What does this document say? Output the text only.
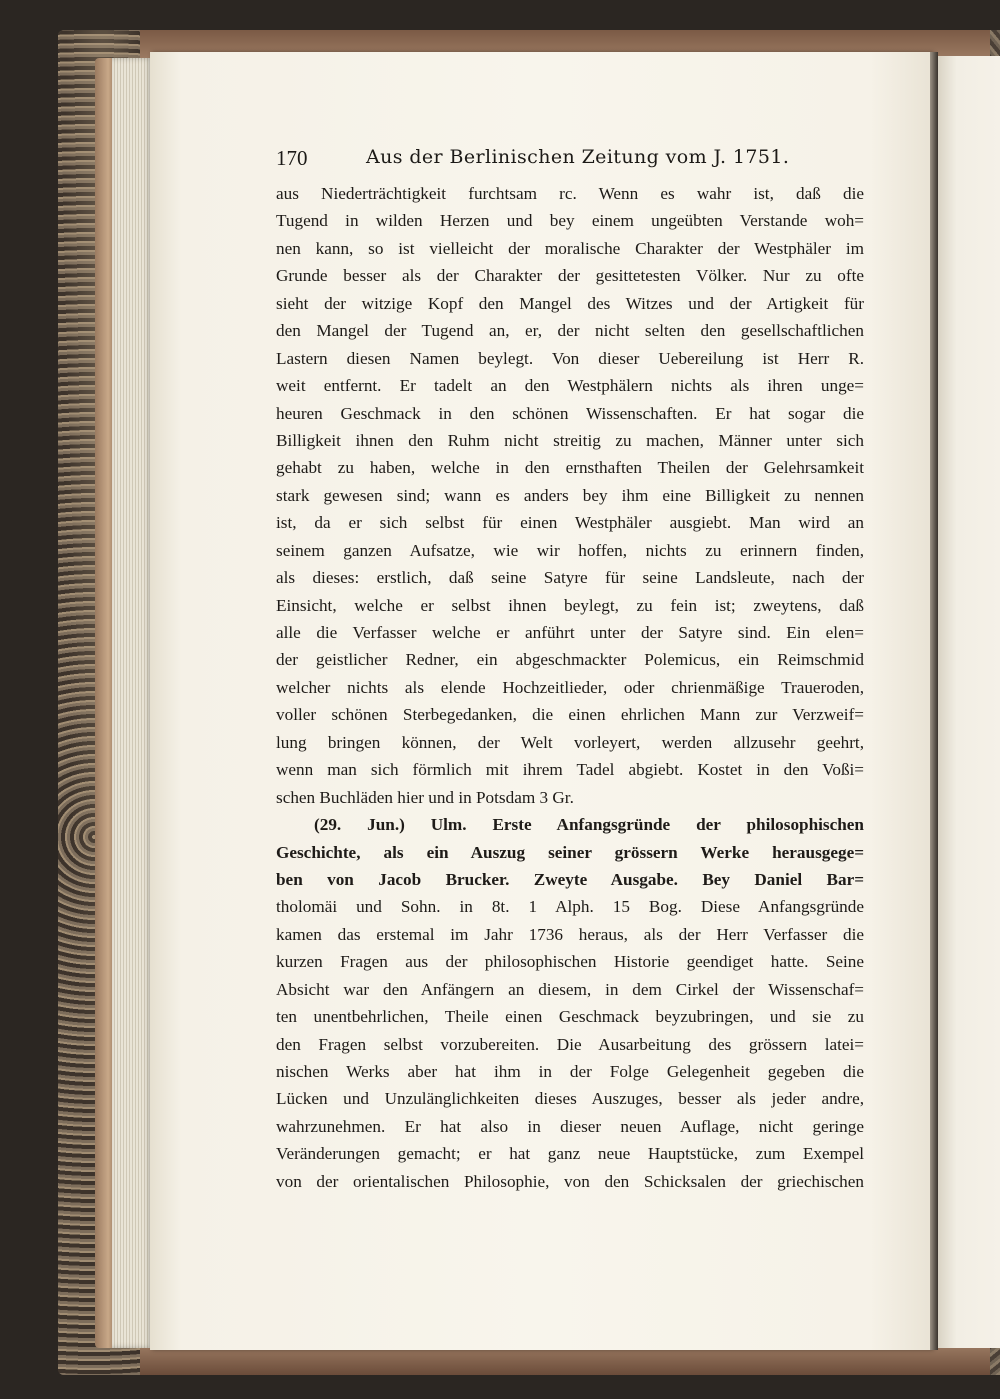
170	Aus der Berlinischen Zeitung vom J. 1751.
aus Niederträchtigkeit furchtsam rc. Wenn es wahr ist, daß die
Tugend in wilden Herzen und bey einem ungeübten Verstande woh=
nen kann, so ist vielleicht der moralische Charakter der Westphäler im
Grunde besser als der Charakter der gesittetesten Völker. Nur zu ofte
sieht der witzige Kopf den Mangel des Witzes und der Artigkeit für
den Mangel der Tugend an, er, der nicht selten den gesellschaftlichen
Lastern diesen Namen beylegt. Von dieser Uebereilung ist Herr R.
weit entfernt. Er tadelt an den Westphälern nichts als ihren unge=
heuren Geschmack in den schönen Wissenschaften. Er hat sogar die
Billigkeit ihnen den Ruhm nicht streitig zu machen, Männer unter sich
gehabt zu haben, welche in den ernsthaften Theilen der Gelehrsamkeit
stark gewesen sind; wann es anders bey ihm eine Billigkeit zu nennen
ist, da er sich selbst für einen Westphäler ausgiebt. Man wird an
seinem ganzen Aufsatze, wie wir hoffen, nichts zu erinnern finden,
als dieses: erstlich, daß seine Satyre für seine Landsleute, nach der
Einsicht, welche er selbst ihnen beylegt, zu fein ist; zweytens, daß
alle die Verfasser welche er anführt unter der Satyre sind. Ein elen=
der geistlicher Redner, ein abgeschmackter Polemicus, ein Reimschmid
welcher nichts als elende Hochzeitlieder, oder chrienmäßige Traueroden,
voller schönen Sterbegedanken, die einen ehrlichen Mann zur Verzweif=
lung bringen können, der Welt vorleyert, werden allzusehr geehrt,
wenn man sich förmlich mit ihrem Tadel abgiebt. Kostet in den Voßi=
schen Buchläden hier und in Potsdam 3 Gr.
(29. Jun.) Ulm. Erste Anfangsgründe der philosophischen
Geschichte, als ein Auszug seiner grössern Werke herausgege=
ben von Jacob Brucker. Zweyte Ausgabe. Bey Daniel Bar=
tholomäi und Sohn. in 8t. 1 Alph. 15 Bog. Diese Anfangsgründe
kamen das erstemal im Jahr 1736 heraus, als der Herr Verfasser die
kurzen Fragen aus der philosophischen Historie geendiget hatte. Seine
Absicht war den Anfängern an diesem, in dem Cirkel der Wissenschaf=
ten unentbehrlichen, Theile einen Geschmack beyzubringen, und sie zu
den Fragen selbst vorzubereiten. Die Ausarbeitung des grössern latei=
nischen Werks aber hat ihm in der Folge Gelegenheit gegeben die
Lücken und Unzulänglichkeiten dieses Auszuges, besser als jeder andre,
wahrzunehmen. Er hat also in dieser neuen Auflage, nicht geringe
Veränderungen gemacht; er hat ganz neue Hauptstücke, zum Exempel
von der orientalischen Philosophie, von den Schicksalen der griechischen
